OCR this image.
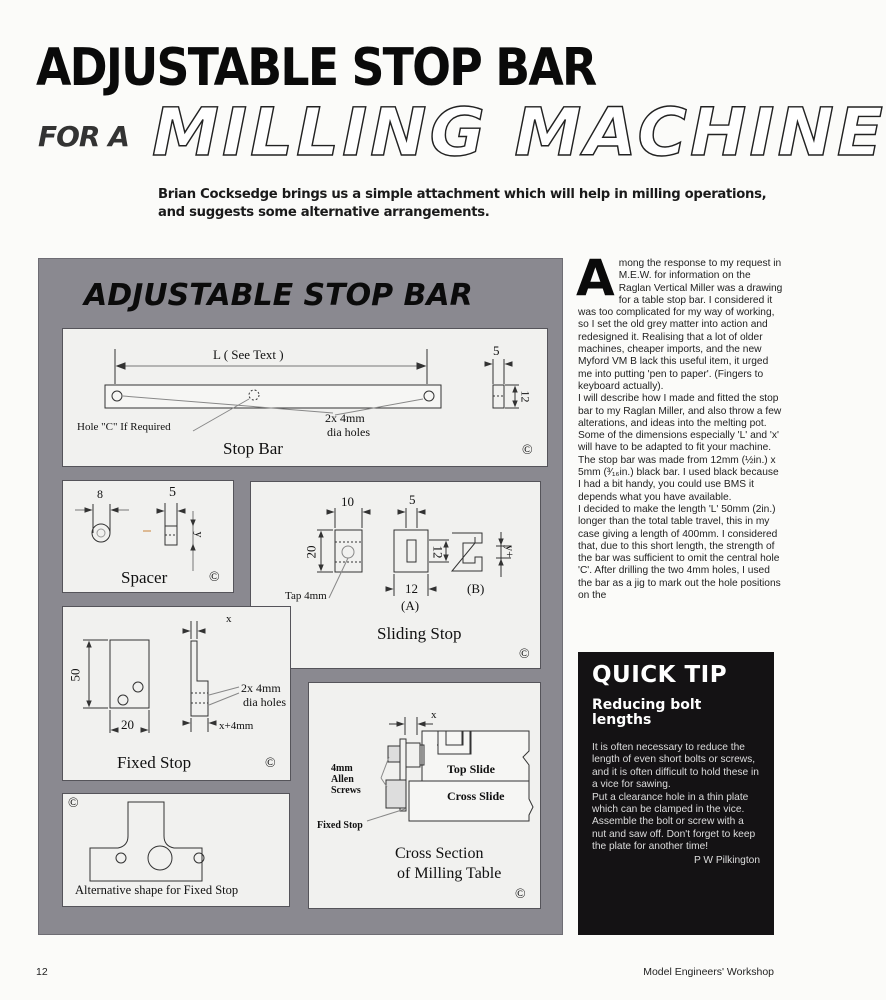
ADJUSTABLE STOP BAR
FOR A MILLING MACHINE
Brian Cocksedge brings us a simple attachment which will help in milling operations, and suggests some alternative arrangements.
ADJUSTABLE STOP BAR
L ( See Text )	5
12
Hole "C" If Required
2x 4mm
dia holes
Stop Bar	©
8	5
y
Spacer	©
10
20
5
12
12
y+
Tap 4mm
(A)
(B)
Sliding Stop
©
50
20
x
x+4mm
2x 4mm
dia holes
Fixed Stop	©
x
Top Slide
Cross Slide
4mm
Allen
Screws
Fixed Stop
Cross Section
of Milling Table
©
©
Alternative shape for Fixed Stop
A mong the response to my request in M.E.W. for information on the Raglan Vertical Miller was a drawing for a table stop bar. I considered it was too complicated for my way of working, so I set the old grey matter into action and redesigned it. Realising that a lot of older machines, cheaper imports, and the new Myford VM B lack this useful item, it urged me into putting 'pen to paper'. (Fingers to keyboard actually).

I will describe how I made and fitted the stop bar to my Raglan Miller, and also throw a few alterations, and ideas into the melting pot. Some of the dimensions especially 'L' and 'x' will have to be adapted to fit your machine.

The stop bar was made from 12mm (½in.) x 5mm (³⁄₁₆in.) black bar. I used black because I had a bit handy, you could use BMS it depends what you have available.

I decided to make the length 'L' 50mm (2in.) longer than the total table travel, this in my case giving a length of 400mm. I considered that, due to this short length, the strength of the bar was sufficient to omit the central hole 'C'. After drilling the two 4mm holes, I used the bar as a jig to mark out the hole positions on the

QUICK TIP
Reducing bolt lengths

It is often necessary to reduce the length of even short bolts or screws, and it is often difficult to hold these in a vice for sawing.

Put a clearance hole in a thin plate which can be clamped in the vice. Assemble the bolt or screw with a nut and saw off. Don't forget to keep the plate for another time!

P W Pilkington
12	Model Engineers' Workshop
